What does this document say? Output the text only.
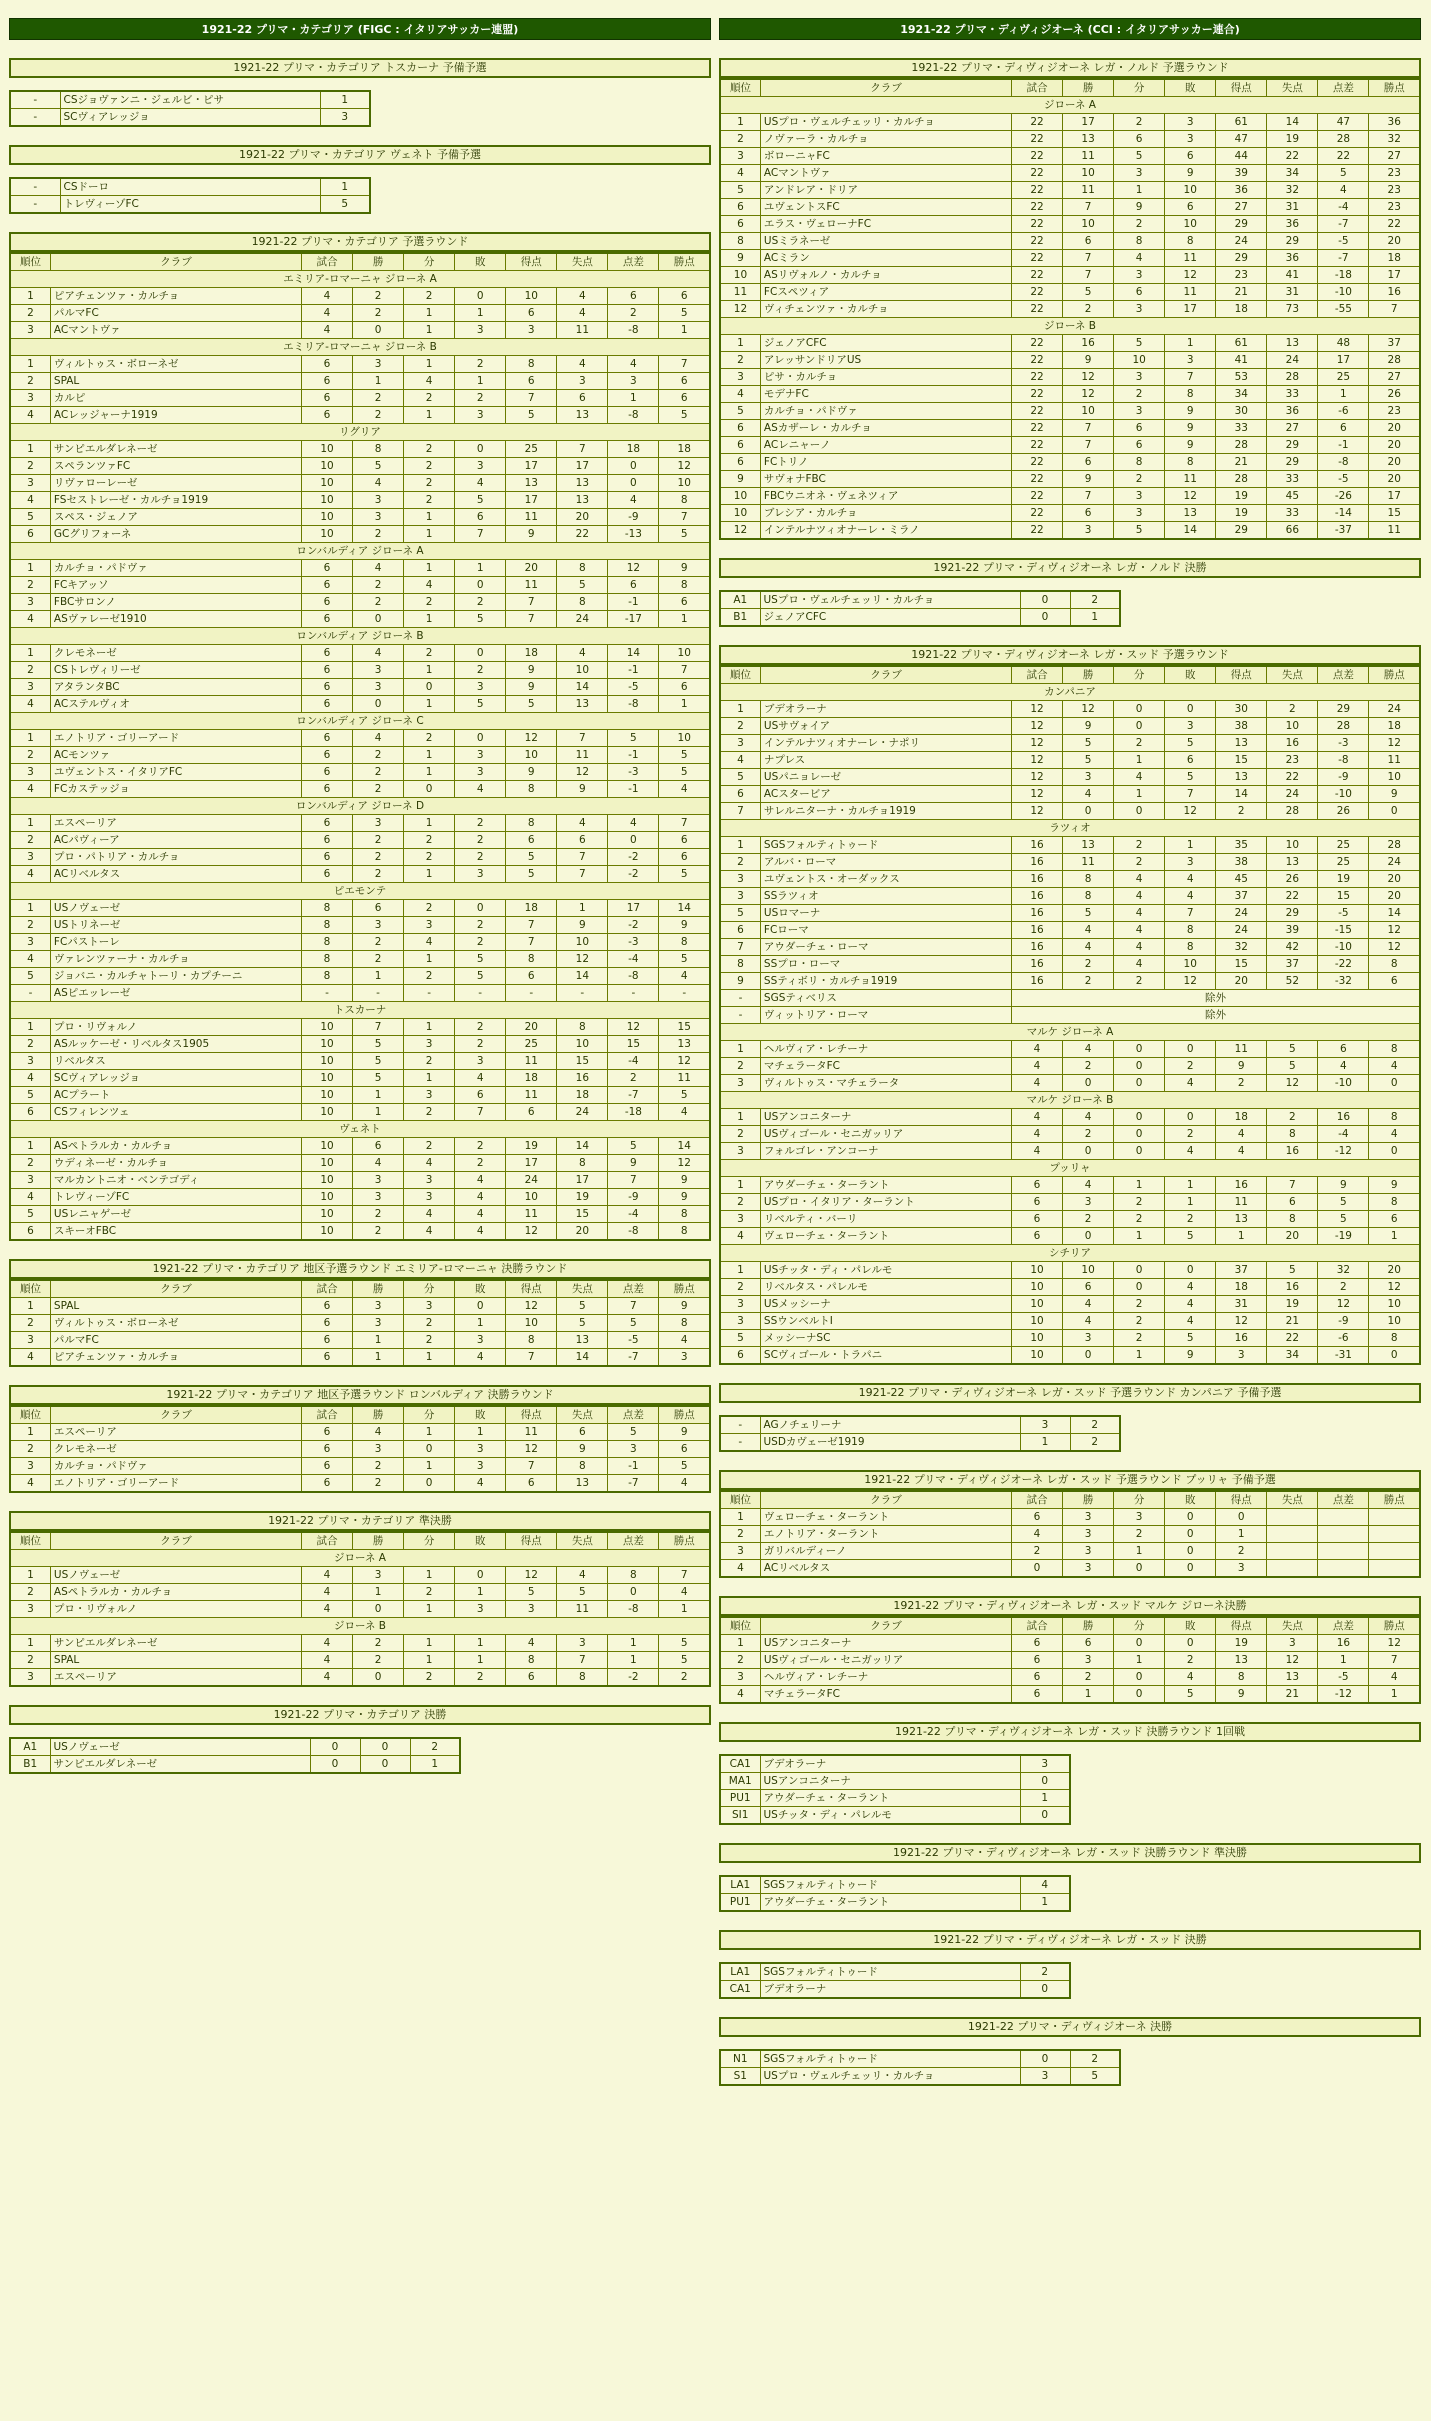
1921-22 プリマ・カテゴリア (FIGC : イタリアサッカー連盟)
1921-22 プリマ・カテゴリア トスカーナ 予備予選
-	CSジョヴァンニ・ジェルビ・ピサ	1
-	SCヴィアレッジョ	3
1921-22 プリマ・カテゴリア ヴェネト 予備予選
-	CSドーロ	1
-	トレヴィーゾFC	5
1921-22 プリマ・カテゴリア 予選ラウンド
順位	クラブ	試合	勝	分	敗	得点	失点	点差	勝点
エミリア-ロマーニャ ジローネ A									
1	ピアチェンツァ・カルチョ	4	2	2	0	10	4	6	6
2	パルマFC	4	2	1	1	6	4	2	5
3	ACマントヴァ	4	0	1	3	3	11	-8	1
エミリア-ロマーニャ ジローネ B									
1	ヴィルトゥス・ボローネゼ	6	3	1	2	8	4	4	7
2	SPAL	6	1	4	1	6	3	3	6
3	カルピ	6	2	2	2	7	6	1	6
4	ACレッジャーナ1919	6	2	1	3	5	13	-8	5
リグリア									
1	サンピエルダレネーゼ	10	8	2	0	25	7	18	18
2	スペランツァFC	10	5	2	3	17	17	0	12
3	リヴァローレーゼ	10	4	2	4	13	13	0	10
4	FSセストレーゼ・カルチョ1919	10	3	2	5	17	13	4	8
5	スペス・ジェノア	10	3	1	6	11	20	-9	7
6	GCグリフォーネ	10	2	1	7	9	22	-13	5
ロンバルディア ジローネ A									
1	カルチョ・パドヴァ	6	4	1	1	20	8	12	9
2	FCキアッソ	6	2	4	0	11	5	6	8
3	FBCサロンノ	6	2	2	2	7	8	-1	6
4	ASヴァレーゼ1910	6	0	1	5	7	24	-17	1
ロンバルディア ジローネ B									
1	クレモネーゼ	6	4	2	0	18	4	14	10
2	CSトレヴィリーゼ	6	3	1	2	9	10	-1	7
3	アタランタBC	6	3	0	3	9	14	-5	6
4	ACステルヴィオ	6	0	1	5	5	13	-8	1
ロンバルディア ジローネ C									
1	エノトリア・ゴリーアード	6	4	2	0	12	7	5	10
2	ACモンツァ	6	2	1	3	10	11	-1	5
3	ユヴェントス・イタリアFC	6	2	1	3	9	12	-3	5
4	FCカステッジョ	6	2	0	4	8	9	-1	4
ロンバルディア ジローネ D									
1	エスペーリア	6	3	1	2	8	4	4	7
2	ACパヴィーア	6	2	2	2	6	6	0	6
3	プロ・パトリア・カルチョ	6	2	2	2	5	7	-2	6
4	ACリベルタス	6	2	1	3	5	7	-2	5
ピエモンテ									
1	USノヴェーゼ	8	6	2	0	18	1	17	14
2	USトリネーゼ	8	3	3	2	7	9	-2	9
3	FCパストーレ	8	2	4	2	7	10	-3	8
4	ヴァレンツァーナ・カルチョ	8	2	1	5	8	12	-4	5
5	ジョバニ・カルチャトーリ・カプチーニ	8	1	2	5	6	14	-8	4
-	ASピエッレーゼ	-	-	-	-	-	-	-	-
トスカーナ									
1	プロ・リヴォルノ	10	7	1	2	20	8	12	15
2	ASルッケーゼ・リベルタス1905	10	5	3	2	25	10	15	13
3	リベルタス	10	5	2	3	11	15	-4	12
4	SCヴィアレッジョ	10	5	1	4	18	16	2	11
5	ACプラート	10	1	3	6	11	18	-7	5
6	CSフィレンツェ	10	1	2	7	6	24	-18	4
ヴェネト									
1	ASペトラルカ・カルチョ	10	6	2	2	19	14	5	14
2	ウディネーゼ・カルチョ	10	4	4	2	17	8	9	12
3	マルカントニオ・ベンテゴディ	10	3	3	4	24	17	7	9
4	トレヴィーゾFC	10	3	3	4	10	19	-9	9
5	USレニャゲーゼ	10	2	4	4	11	15	-4	8
6	スキーオFBC	10	2	4	4	12	20	-8	8
1921-22 プリマ・カテゴリア 地区予選ラウンド エミリア-ロマーニャ 決勝ラウンド
順位	クラブ	試合	勝	分	敗	得点	失点	点差	勝点
1	SPAL	6	3	3	0	12	5	7	9
2	ヴィルトゥス・ボローネゼ	6	3	2	1	10	5	5	8
3	パルマFC	6	1	2	3	8	13	-5	4
4	ピアチェンツァ・カルチョ	6	1	1	4	7	14	-7	3
1921-22 プリマ・カテゴリア 地区予選ラウンド ロンバルディア 決勝ラウンド
順位	クラブ	試合	勝	分	敗	得点	失点	点差	勝点
1	エスペーリア	6	4	1	1	11	6	5	9
2	クレモネーゼ	6	3	0	3	12	9	3	6
3	カルチョ・パドヴァ	6	2	1	3	7	8	-1	5
4	エノトリア・ゴリーアード	6	2	0	4	6	13	-7	4
1921-22 プリマ・カテゴリア 準決勝
順位	クラブ	試合	勝	分	敗	得点	失点	点差	勝点
ジローネ A									
1	USノヴェーゼ	4	3	1	0	12	4	8	7
2	ASペトラルカ・カルチョ	4	1	2	1	5	5	0	4
3	プロ・リヴォルノ	4	0	1	3	3	11	-8	1
ジローネ B									
1	サンピエルダレネーゼ	4	2	1	1	4	3	1	5
2	SPAL	4	2	1	1	8	7	1	5
3	エスペーリア	4	0	2	2	6	8	-2	2
1921-22 プリマ・カテゴリア 決勝
A1	USノヴェーゼ	0	0	2
B1	サンピエルダレネーゼ	0	0	1
1921-22 プリマ・ディヴィジオーネ (CCI : イタリアサッカー連合)
1921-22 プリマ・ディヴィジオーネ レガ・ノルド 予選ラウンド
順位	クラブ	試合	勝	分	敗	得点	失点	点差	勝点
ジローネ A									
1	USプロ・ヴェルチェッリ・カルチョ	22	17	2	3	61	14	47	36
2	ノヴァーラ・カルチョ	22	13	6	3	47	19	28	32
3	ボローニャFC	22	11	5	6	44	22	22	27
4	ACマントヴァ	22	10	3	9	39	34	5	23
5	アンドレア・ドリア	22	11	1	10	36	32	4	23
6	ユヴェントスFC	22	7	9	6	27	31	-4	23
6	エラス・ヴェローナFC	22	10	2	10	29	36	-7	22
8	USミラネーゼ	22	6	8	8	24	29	-5	20
9	ACミラン	22	7	4	11	29	36	-7	18
10	ASリヴォルノ・カルチョ	22	7	3	12	23	41	-18	17
11	FCスペツィア	22	5	6	11	21	31	-10	16
12	ヴィチェンツァ・カルチョ	22	2	3	17	18	73	-55	7
ジローネ B									
1	ジェノアCFC	22	16	5	1	61	13	48	37
2	アレッサンドリアUS	22	9	10	3	41	24	17	28
3	ピサ・カルチョ	22	12	3	7	53	28	25	27
4	モデナFC	22	12	2	8	34	33	1	26
5	カルチョ・パドヴァ	22	10	3	9	30	36	-6	23
6	ASカザーレ・カルチョ	22	7	6	9	33	27	6	20
6	ACレニャーノ	22	7	6	9	28	29	-1	20
6	FCトリノ	22	6	8	8	21	29	-8	20
9	サヴォナFBC	22	9	2	11	28	33	-5	20
10	FBCウニオネ・ヴェネツィア	22	7	3	12	19	45	-26	17
10	ブレシア・カルチョ	22	6	3	13	19	33	-14	15
12	インテルナツィオナーレ・ミラノ	22	3	5	14	29	66	-37	11
1921-22 プリマ・ディヴィジオーネ レガ・ノルド 決勝
A1	USプロ・ヴェルチェッリ・カルチョ	0	2
B1	ジェノアCFC	0	1
1921-22 プリマ・ディヴィジオーネ レガ・スッド 予選ラウンド
順位	クラブ	試合	勝	分	敗	得点	失点	点差	勝点
カンパニア									
1	ブデオラーナ	12	12	0	0	30	2	29	24
2	USサヴォイア	12	9	0	3	38	10	28	18
3	インテルナツィオナーレ・ナポリ	12	5	2	5	13	16	-3	12
4	ナプレス	12	5	1	6	15	23	-8	11
5	USパニョレーゼ	12	3	4	5	13	22	-9	10
6	ACスタービア	12	4	1	7	14	24	-10	9
7	サレルニターナ・カルチョ1919	12	0	0	12	2	28	26	0
ラツィオ									
1	SGSフォルティトゥード	16	13	2	1	35	10	25	28
2	アルバ・ローマ	16	11	2	3	38	13	25	24
3	ユヴェントス・オーダックス	16	8	4	4	45	26	19	20
3	SSラツィオ	16	8	4	4	37	22	15	20
5	USロマーナ	16	5	4	7	24	29	-5	14
6	FCローマ	16	4	4	8	24	39	-15	12
7	アウダーチェ・ローマ	16	4	4	8	32	42	-10	12
8	SSプロ・ローマ	16	2	4	10	15	37	-22	8
9	SSティボリ・カルチョ1919	16	2	2	12	20	52	-32	6
-	SGSティベリス	除外							
-	ヴィットリア・ローマ	除外							
マルケ ジローネ A									
1	ヘルヴィア・レチーナ	4	4	0	0	11	5	6	8
2	マチェラータFC	4	2	0	2	9	5	4	4
3	ヴィルトゥス・マチェラータ	4	0	0	4	2	12	-10	0
マルケ ジローネ B									
1	USアンコニターナ	4	4	0	0	18	2	16	8
2	USヴィゴール・セニガッリア	4	2	0	2	4	8	-4	4
3	フォルゴレ・アンコーナ	4	0	0	4	4	16	-12	0
プッリャ									
1	アウダーチェ・ターラント	6	4	1	1	16	7	9	9
2	USプロ・イタリア・ターラント	6	3	2	1	11	6	5	8
3	リベルティ・バーリ	6	2	2	2	13	8	5	6
4	ヴェローチェ・ターラント	6	0	1	5	1	20	-19	1
シチリア									
1	USチッタ・ディ・パレルモ	10	10	0	0	37	5	32	20
2	リベルタス・パレルモ	10	6	0	4	18	16	2	12
3	USメッシーナ	10	4	2	4	31	19	12	10
3	SSウンベルトI	10	4	2	4	12	21	-9	10
5	メッシーナSC	10	3	2	5	16	22	-6	8
6	SCヴィゴール・トラパニ	10	0	1	9	3	34	-31	0
1921-22 プリマ・ディヴィジオーネ レガ・スッド 予選ラウンド カンパニア 予備予選
-	AGノチェリーナ	3	2
-	USDカヴェーゼ1919	1	2
1921-22 プリマ・ディヴィジオーネ レガ・スッド 予選ラウンド プッリャ 予備予選
順位	クラブ	試合	勝	分	敗	得点	失点	点差	勝点
1	ヴェローチェ・ターラント	6	3	3	0	0			
2	エノトリア・ターラント	4	3	2	0	1			
3	ガリバルディーノ	2	3	1	0	2			
4	ACリベルタス	0	3	0	0	3			
1921-22 プリマ・ディヴィジオーネ レガ・スッド マルケ ジローネ決勝
順位	クラブ	試合	勝	分	敗	得点	失点	点差	勝点
1	USアンコニターナ	6	6	0	0	19	3	16	12
2	USヴィゴール・セニガッリア	6	3	1	2	13	12	1	7
3	ヘルヴィア・レチーナ	6	2	0	4	8	13	-5	4
4	マチェラータFC	6	1	0	5	9	21	-12	1
1921-22 プリマ・ディヴィジオーネ レガ・スッド 決勝ラウンド 1回戦
CA1	ブデオラーナ	3
MA1	USアンコニターナ	0
PU1	アウダーチェ・ターラント	1
SI1	USチッタ・ディ・パレルモ	0
1921-22 プリマ・ディヴィジオーネ レガ・スッド 決勝ラウンド 準決勝
LA1	SGSフォルティトゥード	4
PU1	アウダーチェ・ターラント	1
1921-22 プリマ・ディヴィジオーネ レガ・スッド 決勝
LA1	SGSフォルティトゥード	2
CA1	ブデオラーナ	0
1921-22 プリマ・ディヴィジオーネ 決勝
N1	SGSフォルティトゥード	0	2
S1	USプロ・ヴェルチェッリ・カルチョ	3	5
